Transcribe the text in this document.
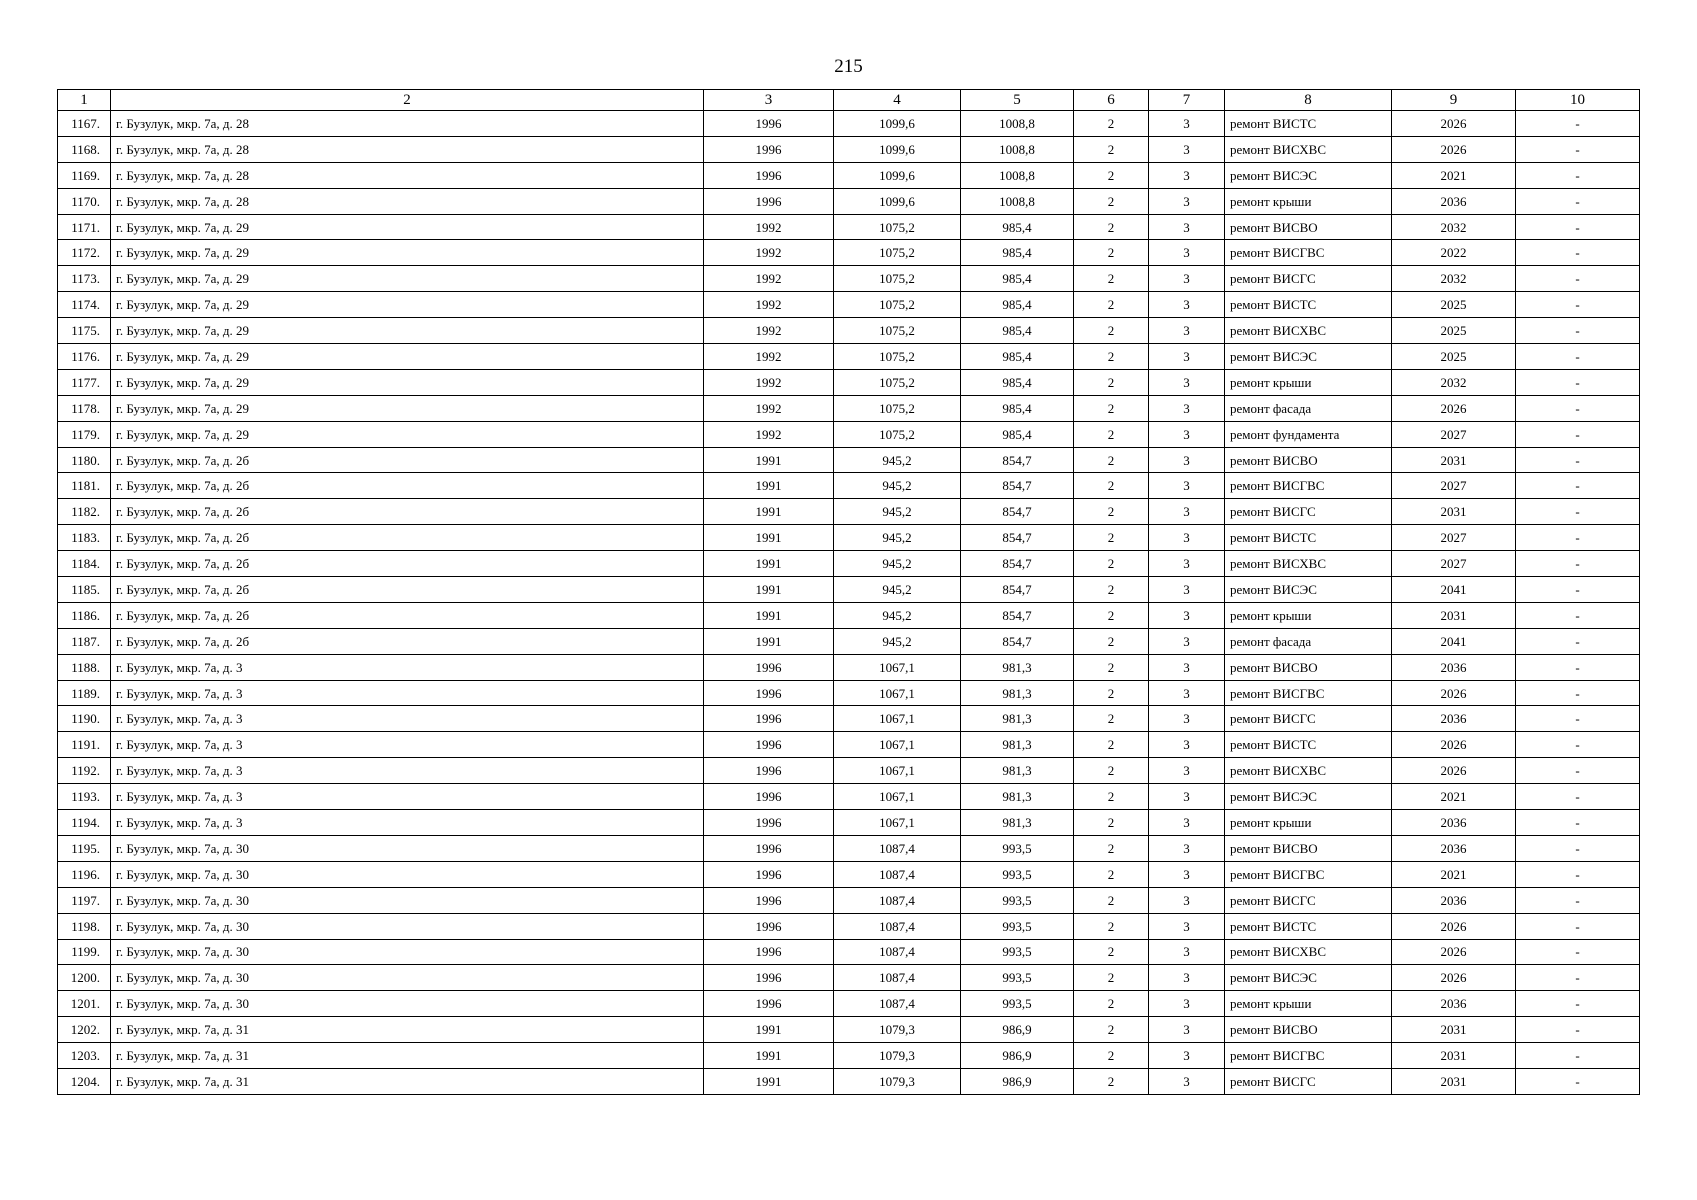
215
1	2	3	4	5	6	7	8	9	10
1167.	г. Бузулук, мкр. 7а, д. 28	1996	1099,6	1008,8	2	3	ремонт ВИСТС	2026	-
1168.	г. Бузулук, мкр. 7а, д. 28	1996	1099,6	1008,8	2	3	ремонт ВИСХВС	2026	-
1169.	г. Бузулук, мкр. 7а, д. 28	1996	1099,6	1008,8	2	3	ремонт ВИСЭС	2021	-
1170.	г. Бузулук, мкр. 7а, д. 28	1996	1099,6	1008,8	2	3	ремонт крыши	2036	-
1171.	г. Бузулук, мкр. 7а, д. 29	1992	1075,2	985,4	2	3	ремонт ВИСВО	2032	-
1172.	г. Бузулук, мкр. 7а, д. 29	1992	1075,2	985,4	2	3	ремонт ВИСГВС	2022	-
1173.	г. Бузулук, мкр. 7а, д. 29	1992	1075,2	985,4	2	3	ремонт ВИСГС	2032	-
1174.	г. Бузулук, мкр. 7а, д. 29	1992	1075,2	985,4	2	3	ремонт ВИСТС	2025	-
1175.	г. Бузулук, мкр. 7а, д. 29	1992	1075,2	985,4	2	3	ремонт ВИСХВС	2025	-
1176.	г. Бузулук, мкр. 7а, д. 29	1992	1075,2	985,4	2	3	ремонт ВИСЭС	2025	-
1177.	г. Бузулук, мкр. 7а, д. 29	1992	1075,2	985,4	2	3	ремонт крыши	2032	-
1178.	г. Бузулук, мкр. 7а, д. 29	1992	1075,2	985,4	2	3	ремонт фасада	2026	-
1179.	г. Бузулук, мкр. 7а, д. 29	1992	1075,2	985,4	2	3	ремонт фундамента	2027	-
1180.	г. Бузулук, мкр. 7а, д. 2б	1991	945,2	854,7	2	3	ремонт ВИСВО	2031	-
1181.	г. Бузулук, мкр. 7а, д. 2б	1991	945,2	854,7	2	3	ремонт ВИСГВС	2027	-
1182.	г. Бузулук, мкр. 7а, д. 2б	1991	945,2	854,7	2	3	ремонт ВИСГС	2031	-
1183.	г. Бузулук, мкр. 7а, д. 2б	1991	945,2	854,7	2	3	ремонт ВИСТС	2027	-
1184.	г. Бузулук, мкр. 7а, д. 2б	1991	945,2	854,7	2	3	ремонт ВИСХВС	2027	-
1185.	г. Бузулук, мкр. 7а, д. 2б	1991	945,2	854,7	2	3	ремонт ВИСЭС	2041	-
1186.	г. Бузулук, мкр. 7а, д. 2б	1991	945,2	854,7	2	3	ремонт крыши	2031	-
1187.	г. Бузулук, мкр. 7а, д. 2б	1991	945,2	854,7	2	3	ремонт фасада	2041	-
1188.	г. Бузулук, мкр. 7а, д. 3	1996	1067,1	981,3	2	3	ремонт ВИСВО	2036	-
1189.	г. Бузулук, мкр. 7а, д. 3	1996	1067,1	981,3	2	3	ремонт ВИСГВС	2026	-
1190.	г. Бузулук, мкр. 7а, д. 3	1996	1067,1	981,3	2	3	ремонт ВИСГС	2036	-
1191.	г. Бузулук, мкр. 7а, д. 3	1996	1067,1	981,3	2	3	ремонт ВИСТС	2026	-
1192.	г. Бузулук, мкр. 7а, д. 3	1996	1067,1	981,3	2	3	ремонт ВИСХВС	2026	-
1193.	г. Бузулук, мкр. 7а, д. 3	1996	1067,1	981,3	2	3	ремонт ВИСЭС	2021	-
1194.	г. Бузулук, мкр. 7а, д. 3	1996	1067,1	981,3	2	3	ремонт крыши	2036	-
1195.	г. Бузулук, мкр. 7а, д. 30	1996	1087,4	993,5	2	3	ремонт ВИСВО	2036	-
1196.	г. Бузулук, мкр. 7а, д. 30	1996	1087,4	993,5	2	3	ремонт ВИСГВС	2021	-
1197.	г. Бузулук, мкр. 7а, д. 30	1996	1087,4	993,5	2	3	ремонт ВИСГС	2036	-
1198.	г. Бузулук, мкр. 7а, д. 30	1996	1087,4	993,5	2	3	ремонт ВИСТС	2026	-
1199.	г. Бузулук, мкр. 7а, д. 30	1996	1087,4	993,5	2	3	ремонт ВИСХВС	2026	-
1200.	г. Бузулук, мкр. 7а, д. 30	1996	1087,4	993,5	2	3	ремонт ВИСЭС	2026	-
1201.	г. Бузулук, мкр. 7а, д. 30	1996	1087,4	993,5	2	3	ремонт крыши	2036	-
1202.	г. Бузулук, мкр. 7а, д. 31	1991	1079,3	986,9	2	3	ремонт ВИСВО	2031	-
1203.	г. Бузулук, мкр. 7а, д. 31	1991	1079,3	986,9	2	3	ремонт ВИСГВС	2031	-
1204.	г. Бузулук, мкр. 7а, д. 31	1991	1079,3	986,9	2	3	ремонт ВИСГС	2031	-
